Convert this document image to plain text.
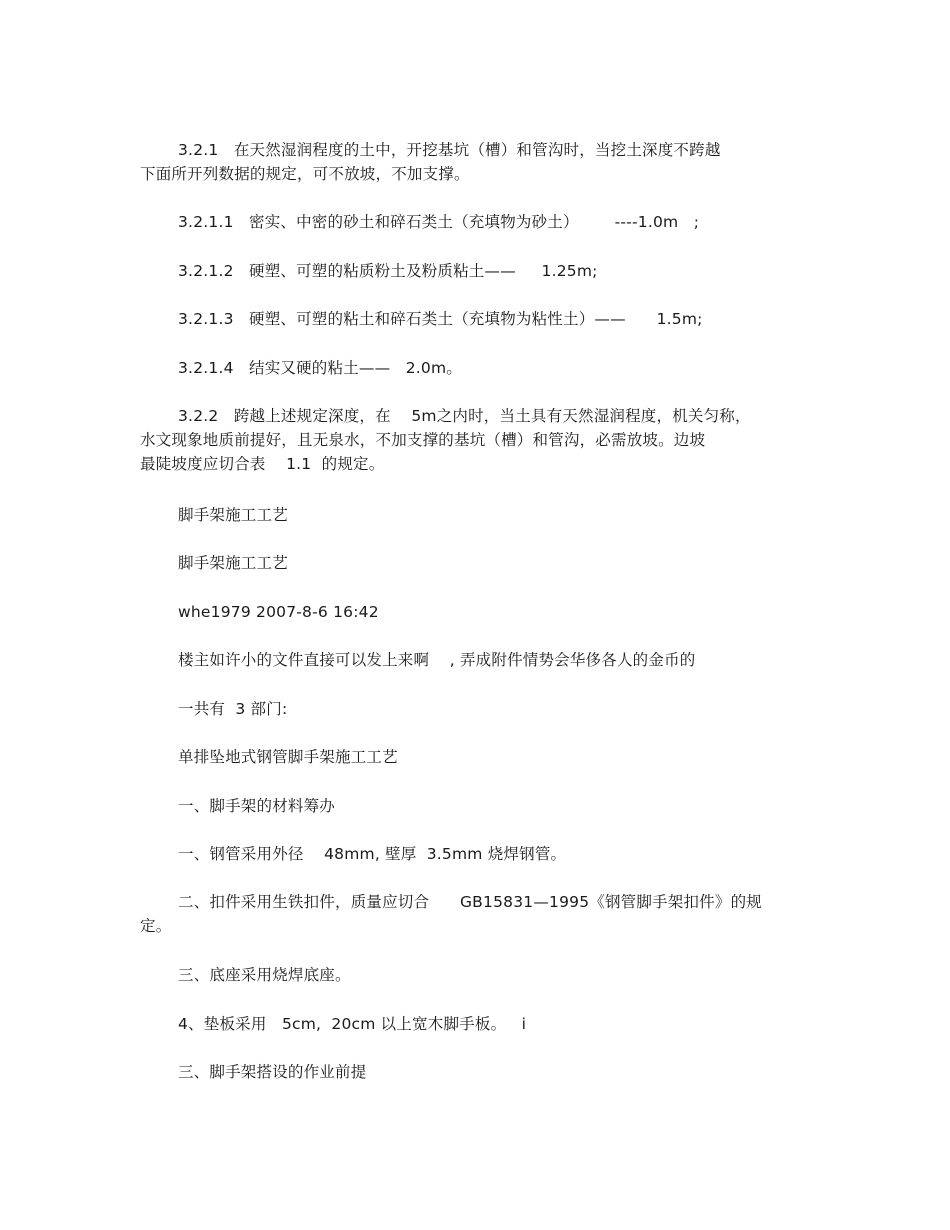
3.2.1   在天然湿润程度的土中，开挖基坑（槽）和管沟时，当挖土深度不跨越
下面所开列数据的规定，可不放坡，不加支撑。
3.2.1.1   密实、中密的砂土和碎石类土（充填物为砂土）       ----1.0m   ;
3.2.1.2   硬塑、可塑的粘质粉土及粉质粘土——     1.25m;
3.2.1.3   硬塑、可塑的粘土和碎石类土（充填物为粘性土）——      1.5m;
3.2.1.4   结实又硬的粘土——   2.0m。
3.2.2   跨越上述规定深度，在    5m之内时，当土具有天然湿润程度，机关匀称，
水文现象地质前提好，且无泉水，不加支撑的基坑（槽）和管沟，必需放坡。边坡
最陡坡度应切合表    1.1  的规定。
脚手架施工工艺
脚手架施工工艺
whe1979 2007-8-6 16:42
楼主如许小的文件直接可以发上来啊    , 弄成附件情势会华侈各人的金币的
一共有  3 部门:
单排坠地式钢管脚手架施工工艺
一、脚手架的材料筹办
一、钢管采用外径    48mm, 壁厚  3.5mm 烧焊钢管。
二、扣件采用生铁扣件，质量应切合      GB15831—1995《钢管脚手架扣件》的规
定。
三、底座采用烧焊底座。
4、垫板采用   5cm,  20cm 以上宽木脚手板。   i
三、脚手架搭设的作业前提
